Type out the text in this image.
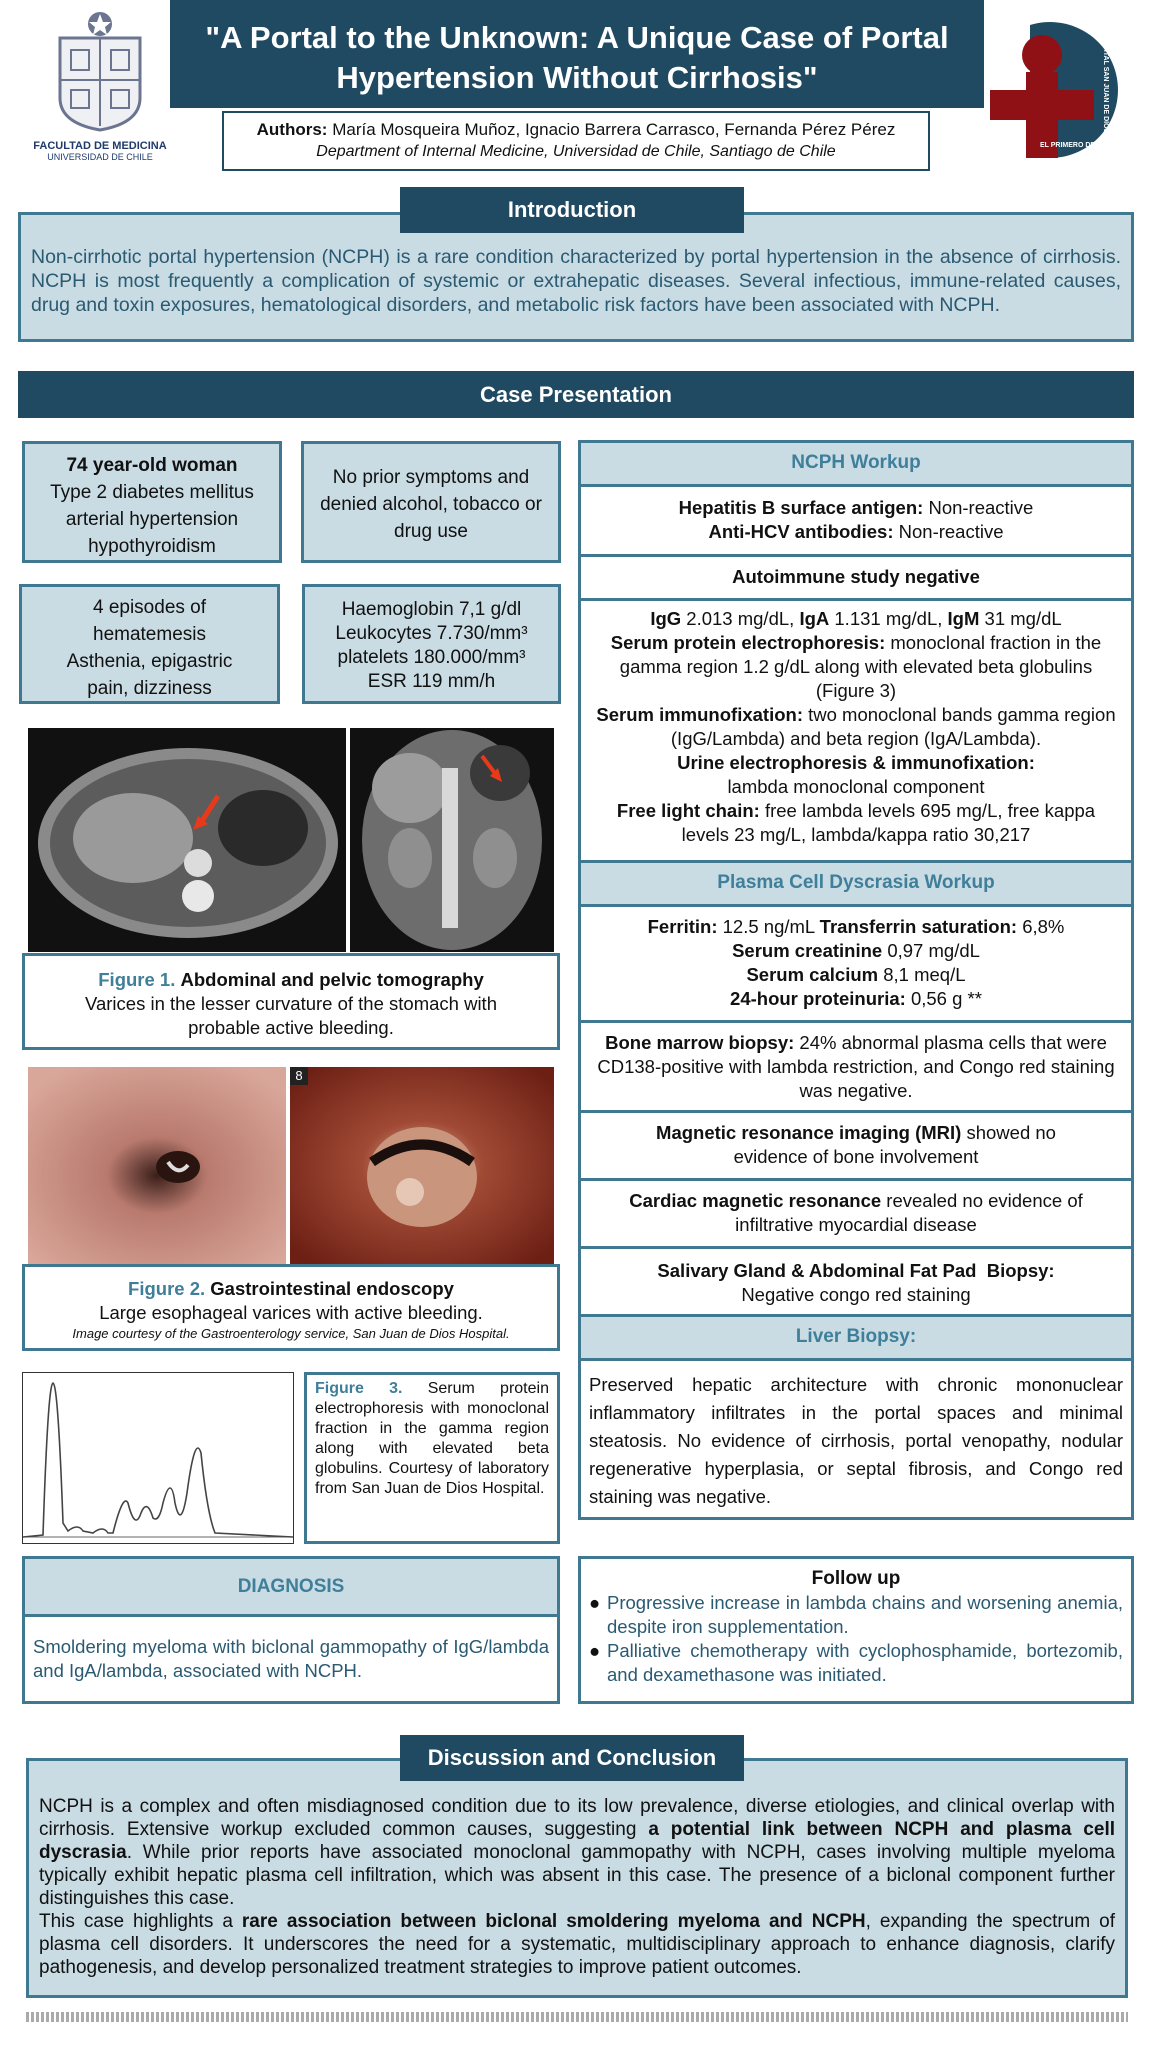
FACULTAD DE MEDICINA
UNIVERSIDAD DE CHILE
"A Portal to the Unknown: A Unique Case of Portal
Hypertension Without Cirrhosis"
Authors: María Mosqueira Muñoz, Ignacio Barrera Carrasco, Fernanda Pérez Pérez
Department of Internal Medicine, Universidad de Chile, Santiago de Chile
HOSPITAL SAN JUAN DE DIOS 1552
EL PRIMERO DE CHILE
Non-cirrhotic portal hypertension (NCPH) is a rare condition characterized by portal hypertension in the absence of cirrhosis. NCPH is most frequently a complication of systemic or extrahepatic diseases. Several infectious, immune-related causes, drug and toxin exposures, hematological disorders, and metabolic risk factors have been associated with NCPH.
Introduction
Case Presentation
74 year-old woman
Type 2 diabetes mellitus
arterial hypertension
hypothyroidism
No prior symptoms and denied alcohol, tobacco or drug use
4 episodes of
hematemesis
Asthenia, epigastric
pain, dizziness
Haemoglobin 7,1 g/dl
Leukocytes 7.730/mm³
platelets 180.000/mm³
ESR 119 mm/h
Figure 1. Abdominal and pelvic tomography
Varices in the lesser curvature of the stomach with probable active bleeding.
8
Figure 2. Gastrointestinal endoscopy
Large esophageal varices with active bleeding.
Image courtesy of the Gastroenterology service, San Juan de Dios Hospital.
Figure 3. Serum protein electrophoresis with monoclonal fraction in the gamma region along with elevated beta globulins. Courtesy of laboratory from San Juan de Dios Hospital.
NCPH Workup
Hepatitis B surface antigen: Non-reactive
Anti-HCV antibodies: Non-reactive
Autoimmune study negative
IgG 2.013 mg/dL, IgA 1.131 mg/dL, IgM 31 mg/dL
Serum protein electrophoresis: monoclonal fraction in the gamma region 1.2 g/dL along with elevated beta globulins (Figure 3)
Serum immunofixation: two monoclonal bands gamma region (IgG/Lambda) and beta region (IgA/Lambda).
Urine electrophoresis & immunofixation:
lambda monoclonal component
Free light chain: free lambda levels 695 mg/L, free kappa levels 23 mg/L, lambda/kappa ratio 30,217
Plasma Cell Dyscrasia Workup
Ferritin: 12.5 ng/mL Transferrin saturation: 6,8%
Serum creatinine 0,97 mg/dL
Serum calcium 8,1 meq/L
24-hour proteinuria: 0,56 g **
Bone marrow biopsy: 24% abnormal plasma cells that were CD138-positive with lambda restriction, and Congo red staining was negative.
Magnetic resonance imaging (MRI) showed no evidence of bone involvement
Cardiac magnetic resonance revealed no evidence of infiltrative myocardial disease
Salivary Gland & Abdominal Fat Pad  Biopsy:
Negative congo red staining
Liver Biopsy:
Preserved hepatic architecture with chronic mononuclear inflammatory infiltrates in the portal spaces and minimal steatosis. No evidence of cirrhosis, portal venopathy, nodular regenerative hyperplasia, or septal fibrosis, and Congo red staining was negative.
DIAGNOSIS
Smoldering myeloma with biclonal gammopathy of IgG/lambda and IgA/lambda, associated with NCPH.
Follow up
● Progressive increase in lambda chains and worsening anemia, despite iron supplementation.
● Palliative chemotherapy with cyclophosphamide, bortezomib, and dexamethasone was initiated.
NCPH is a complex and often misdiagnosed condition due to its low prevalence, diverse etiologies, and clinical overlap with cirrhosis. Extensive workup excluded common causes, suggesting a potential link between NCPH and plasma cell dyscrasia. While prior reports have associated monoclonal gammopathy with NCPH, cases involving multiple myeloma typically exhibit hepatic plasma cell infiltration, which was absent in this case. The presence of a biclonal component further distinguishes this case.
This case highlights a rare association between biclonal smoldering myeloma and NCPH, expanding the spectrum of plasma cell disorders. It underscores the need for a systematic, multidisciplinary approach to enhance diagnosis, clarify pathogenesis, and develop personalized treatment strategies to improve patient outcomes.
Discussion and Conclusion
